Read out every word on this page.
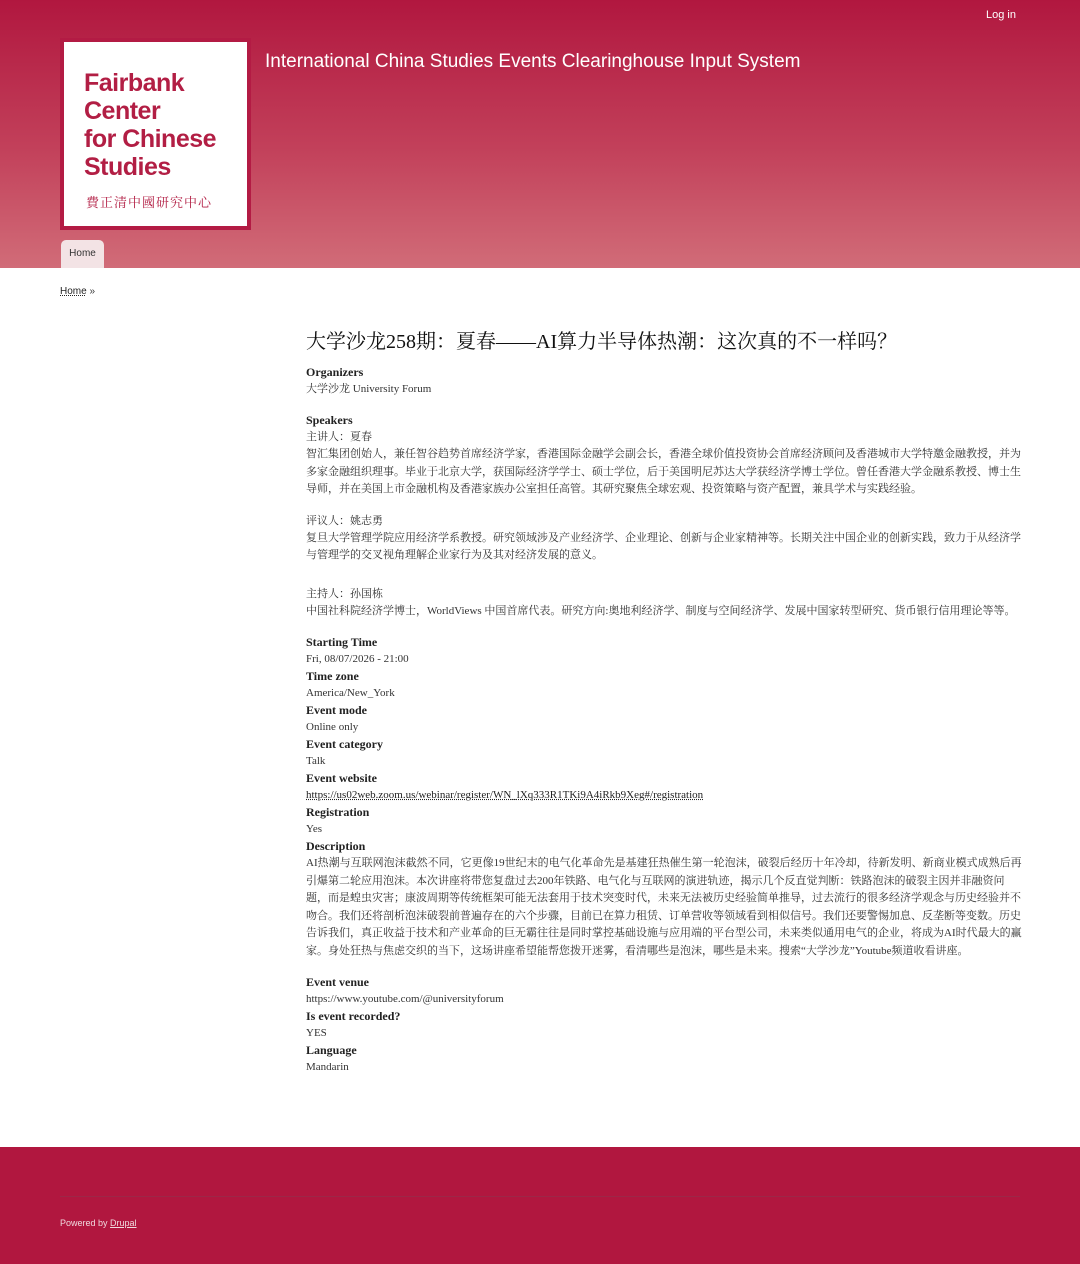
Log in
Fairbank
Center
for Chinese
Studies
費正清中國研究中心
International China Studies Events Clearinghouse Input System
Home
Home »
大学沙龙258期：夏春——AI算力半导体热潮：这次真的不一样吗？
Organizers
大学沙龙 University Forum
Speakers
主讲人：夏春
智汇集团创始人，兼任智谷趋势首席经济学家，香港国际金融学会副会长，香港全球价值投资协会首席经济顾问及香港城市大学特邀金融教授，并为多家金融组织理事。毕业于北京大学，获国际经济学学士、硕士学位，后于美国明尼苏达大学获经济学博士学位。曾任香港大学金融系教授、博士生导师，并在美国上市金融机构及香港家族办公室担任高管。其研究聚焦全球宏观、投资策略与资产配置，兼具学术与实践经验。
评议人：姚志勇
复旦大学管理学院应用经济学系教授。研究领域涉及产业经济学、企业理论、创新与企业家精神等。长期关注中国企业的创新实践，致力于从经济学与管理学的交叉视角理解企业家行为及其对经济发展的意义。
主持人：孙国栋
中国社科院经济学博士，WorldViews 中国首席代表。研究方向:奥地利经济学、制度与空间经济学、发展中国家转型研究、货币银行信用理论等等。
Starting Time
Fri, 08/07/2026 - 21:00
Time zone
America/New_York
Event mode
Online only
Event category
Talk
Event website
https://us02web.zoom.us/webinar/register/WN_lXq333R1TKi9A4iRkb9Xeg#/registration
Registration
Yes
Description
AI热潮与互联网泡沫截然不同，它更像19世纪末的电气化革命先是基建狂热催生第一轮泡沫，破裂后经历十年冷却，待新发明、新商业模式成熟后再引爆第二轮应用泡沫。本次讲座将带您复盘过去200年铁路、电气化与互联网的演进轨迹，揭示几个反直觉判断：铁路泡沫的破裂主因并非融资问题，而是蝗虫灾害；康波周期等传统框架可能无法套用于技术突变时代，未来无法被历史经验简单推导，过去流行的很多经济学观念与历史经验并不吻合。我们还将剖析泡沫破裂前普遍存在的六个步骤，目前已在算力租赁、订单营收等领域看到相似信号。我们还要警惕加息、反垄断等变数。历史告诉我们，真正收益于技术和产业革命的巨无霸往往是同时掌控基础设施与应用端的平台型公司，未来类似通用电气的企业，将成为AI时代最大的赢家。身处狂热与焦虑交织的当下，这场讲座希望能帮您拨开迷雾，看清哪些是泡沫，哪些是未来。搜索“大学沙龙”Youtube频道收看讲座。
Event venue
https://www.youtube.com/@universityforum
Is event recorded?
YES
Language
Mandarin
Powered by Drupal
